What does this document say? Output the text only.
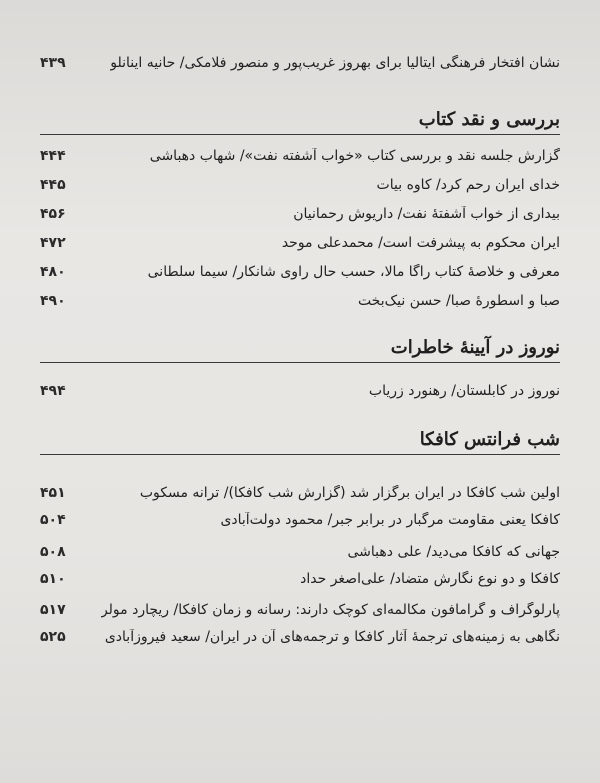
۴۳۹	نشان افتخار فرهنگی ایتالیا برای بهروز غریب‌پور و منصور فلامکی/ حانیه اینانلو
بررسی و نقد کتاب
۴۴۴	گزارش جلسه نقد و بررسی کتاب «خواب آشفته نفت»/ شهاب دهباشی
۴۴۵	خدای ایران رحم کرد/ کاوه بیات
۴۵۶	بیداری از خواب آشفتهٔ نفت/ داریوش رحمانیان
۴۷۲	ایران محکوم به پیشرفت است/ محمدعلی موحد
۴۸۰	معرفی و خلاصهٔ کتاب راگا مالا، حسب حال راوی شانکار/ سیما سلطانی
۴۹۰	صبا و اسطورهٔ صبا/ حسن نیک‌بخت
نوروز در آیینهٔ خاطرات
۴۹۴	نوروز در کابلستان/ رهنورد زریاب
شب فرانتس کافکا
۴۵۱	اولین شب کافکا در ایران برگزار شد (گزارش شب کافکا)/ ترانه مسکوب
۵۰۴	کافکا یعنی مقاومت مرگبار در برابر جبر/ محمود دولت‌آبادی
۵۰۸	جهانی که کافکا می‌دید/ علی دهباشی
۵۱۰	کافکا و دو نوع نگارش متضاد/ علی‌اصغر حداد
۵۱۷	پارلوگراف و گرامافون مکالمه‌ای کوچک دارند: رسانه و زمان کافکا/ ریچارد مولر
۵۲۵	نگاهی به زمینه‌های ترجمهٔ آثار کافکا و ترجمه‌های آن در ایران/ سعید فیروزآبادی
